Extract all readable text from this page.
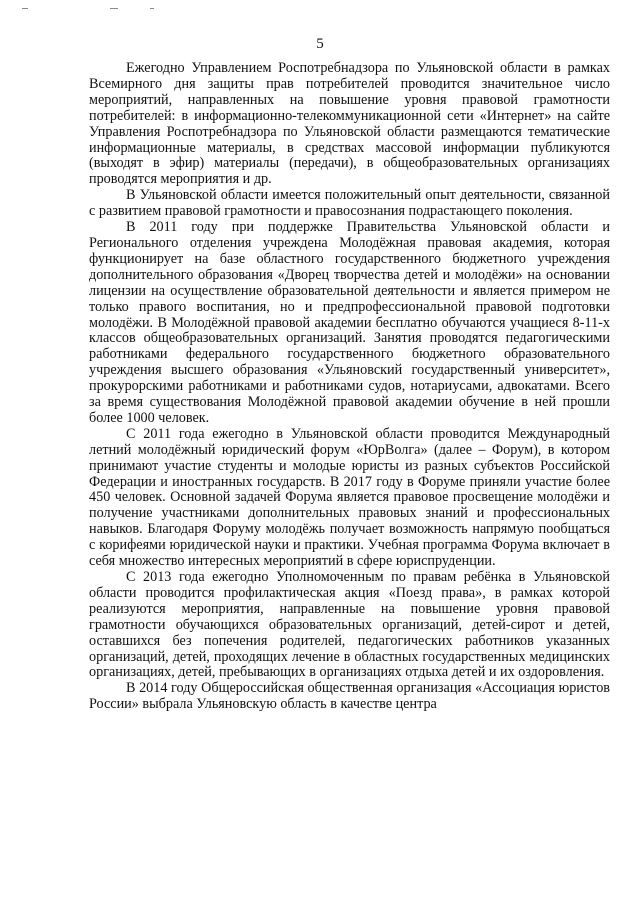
5

Ежегодно Управлением Роспотребнадзора по Ульяновской области в рамках Всемирного дня защиты прав потребителей проводится значительное число мероприятий, направленных на повышение уровня правовой грамотности потребителей: в информационно-телекоммуникационной сети «Интернет» на сайте Управления Роспотребнадзора по Ульяновской области размещаются тематические информационные материалы, в средствах массовой информации публикуются (выходят в эфир) материалы (передачи), в общеобразовательных организациях проводятся мероприятия и др.

В Ульяновской области имеется положительный опыт деятельности, связанной с развитием правовой грамотности и правосознания подрастающего поколения.

В 2011 году при поддержке Правительства Ульяновской области и Регионального отделения учреждена Молодёжная правовая академия, которая функционирует на базе областного государственного бюджетного учреждения дополнительного образования «Дворец творчества детей и молодёжи» на основании лицензии на осуществление образовательной деятельности и является примером не только правого воспитания, но и предпрофессиональной правовой подготовки молодёжи. В Молодёжной правовой академии бесплатно обучаются учащиеся 8-11-х классов общеобразовательных организаций. Занятия проводятся педагогическими работниками федерального государственного бюджетного образовательного учреждения высшего образования «Ульяновский государственный университет», прокурорскими работниками и работниками судов, нотариусами, адвокатами. Всего за время существования Молодёжной правовой академии обучение в ней прошли более 1000 человек.

С 2011 года ежегодно в Ульяновской области проводится Международный летний молодёжный юридический форум «ЮрВолга» (далее – Форум), в котором принимают участие студенты и молодые юристы из разных субъектов Российской Федерации и иностранных государств. В 2017 году в Форуме приняли участие более 450 человек. Основной задачей Форума является правовое просвещение молодёжи и получение участниками дополнительных правовых знаний и профессиональных навыков. Благодаря Форуму молодёжь получает возможность напрямую пообщаться с корифеями юридической науки и практики. Учебная программа Форума включает в себя множество интересных мероприятий в сфере юриспруденции.

С 2013 года ежегодно Уполномоченным по правам ребёнка в Ульяновской области проводится профилактическая акция «Поезд права», в рамках которой реализуются мероприятия, направленные на повышение уровня правовой грамотности обучающихся образовательных организаций, детей-сирот и детей, оставшихся без попечения родителей, педагогических работников указанных организаций, детей, проходящих лечение в областных государственных медицинских организациях, детей, пребывающих в организациях отдыха детей и их оздоровления.

В 2014 году Общероссийская общественная организация «Ассоциация юристов России» выбрала Ульяновскую область в качестве центра
